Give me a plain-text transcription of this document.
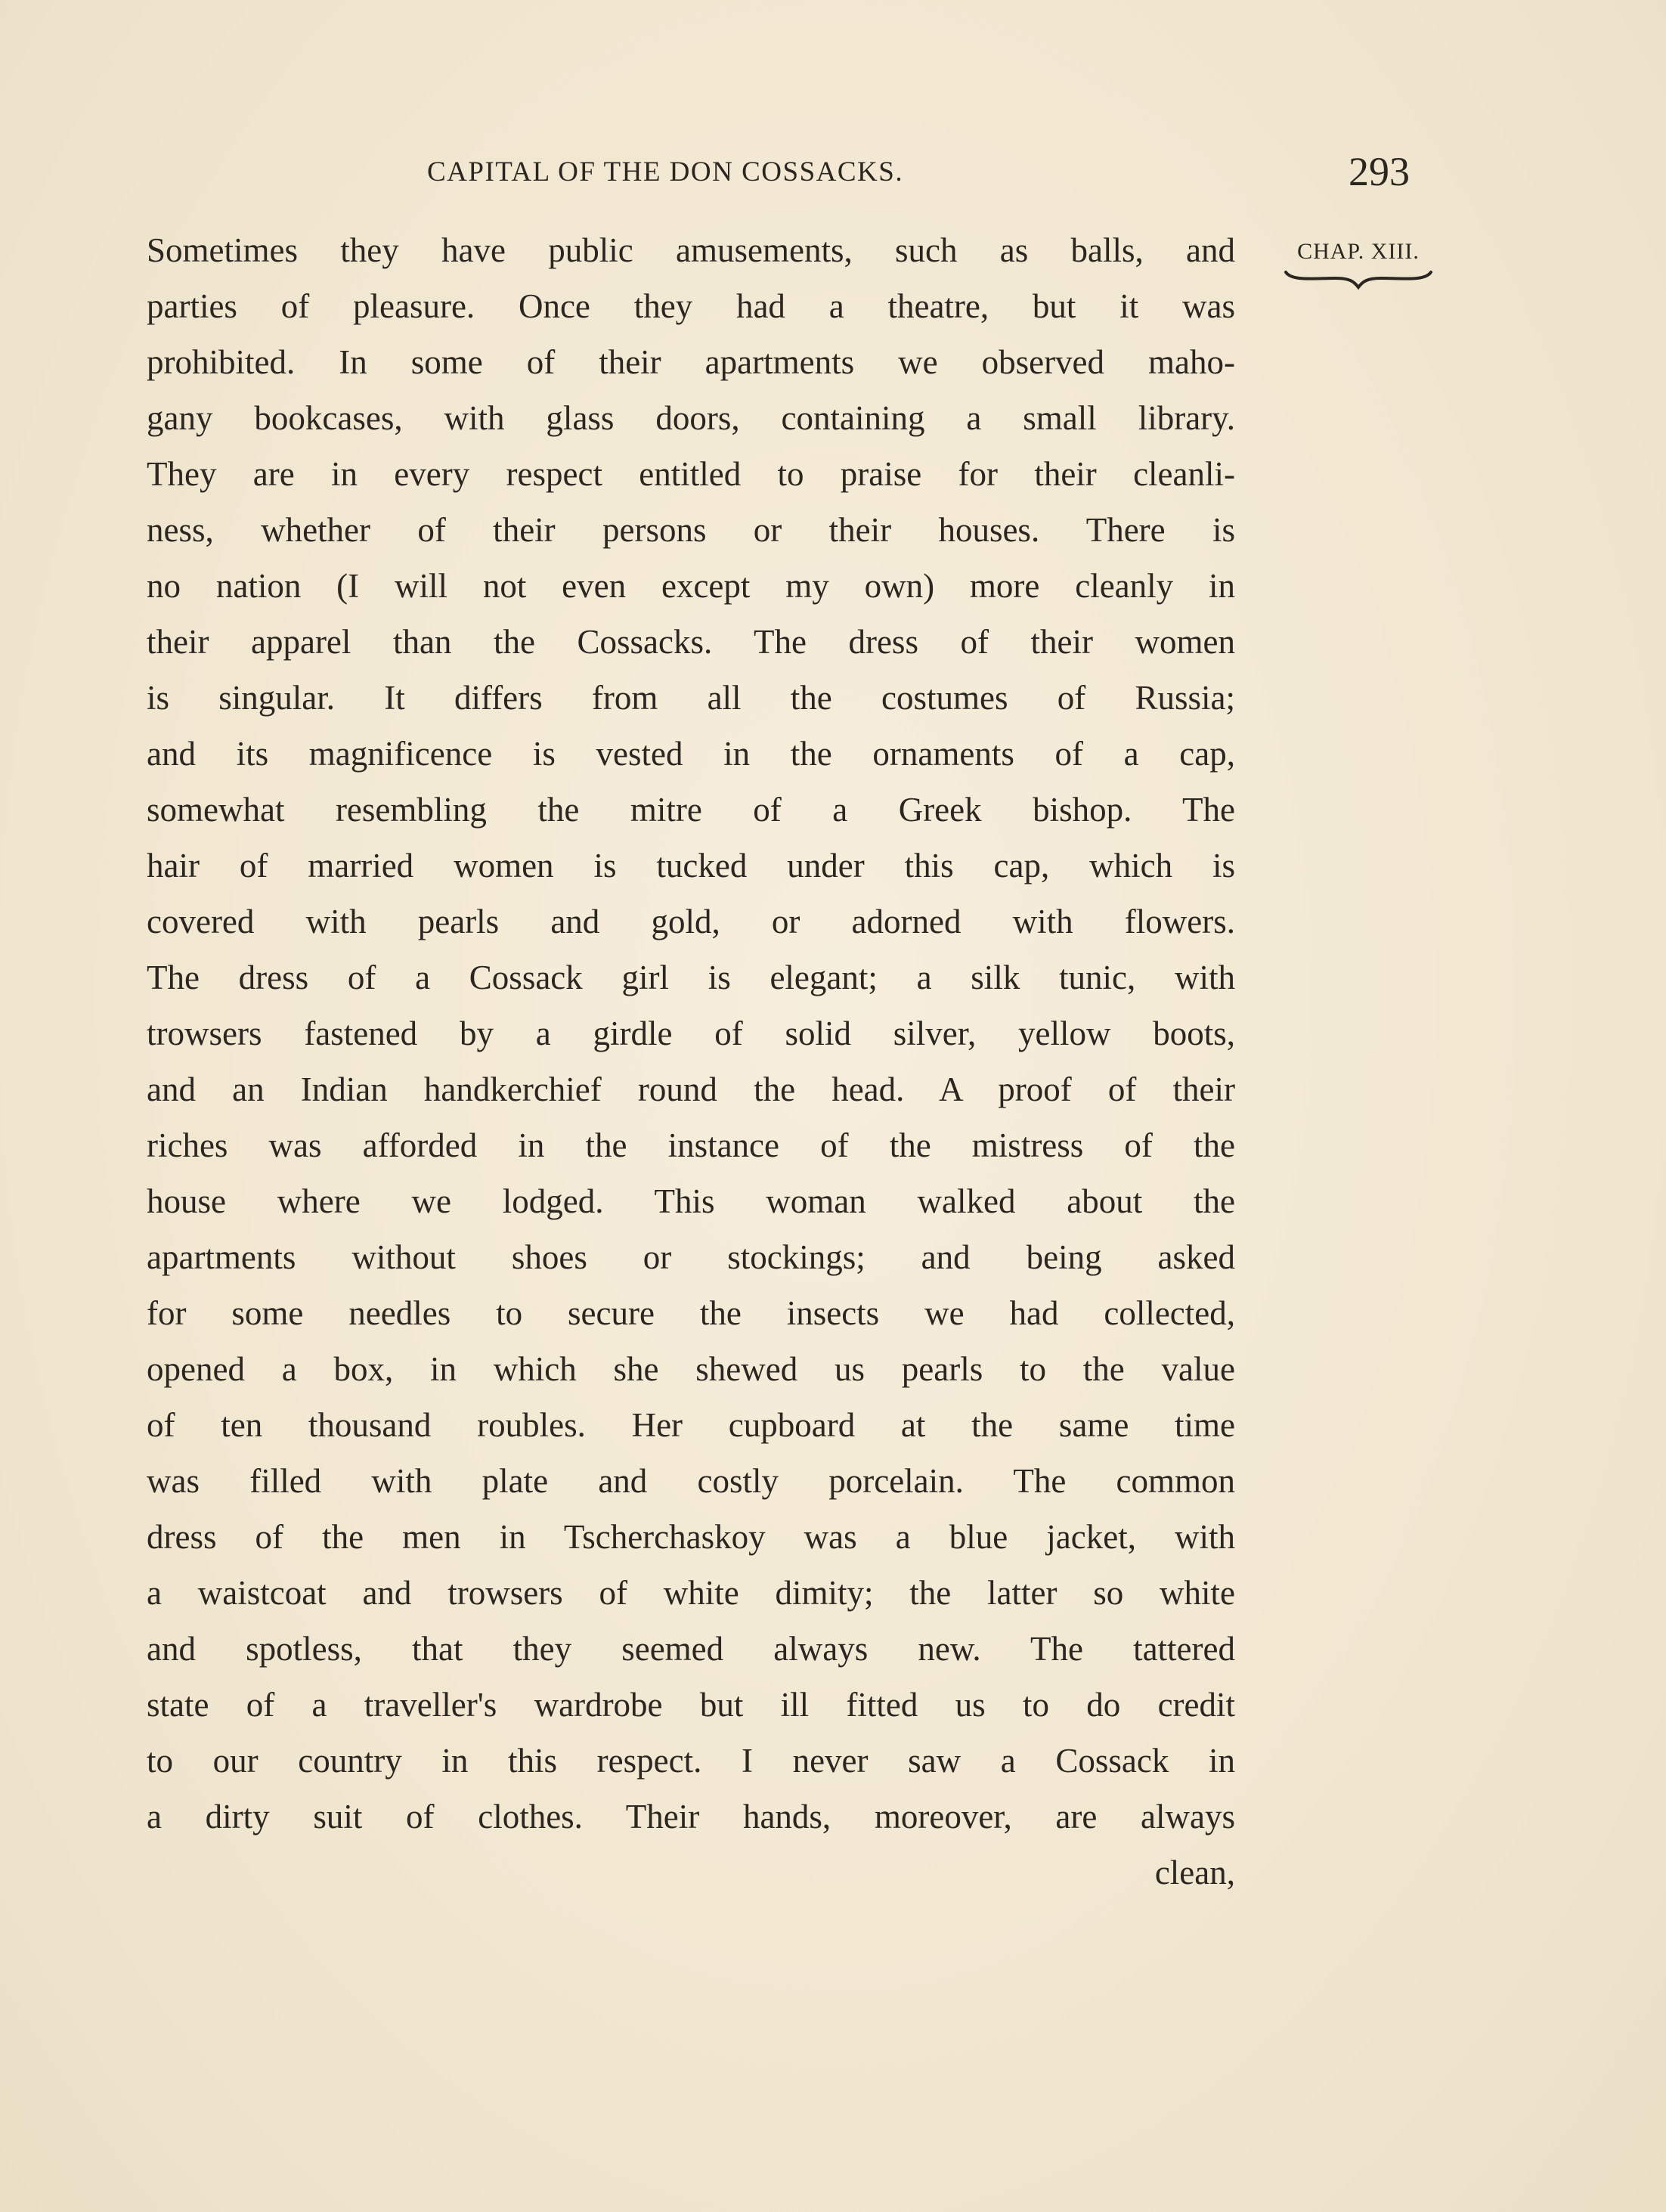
CAPITAL OF THE DON COSSACKS.	293
CHAP. XIII.
Sometimes they have public amusements, such as balls, and
parties of pleasure. Once they had a theatre, but it was
prohibited. In some of their apartments we observed maho-
gany bookcases, with glass doors, containing a small library.
They are in every respect entitled to praise for their cleanli-
ness, whether of their persons or their houses. There is
no nation (I will not even except my own) more cleanly in
their apparel than the Cossacks. The dress of their women
is singular. It differs from all the costumes of Russia;
and its magnificence is vested in the ornaments of a cap,
somewhat resembling the mitre of a Greek bishop. The
hair of married women is tucked under this cap, which is
covered with pearls and gold, or adorned with flowers.
The dress of a Cossack girl is elegant; a silk tunic, with
trowsers fastened by a girdle of solid silver, yellow boots,
and an Indian handkerchief round the head. A proof of their
riches was afforded in the instance of the mistress of the
house where we lodged. This woman walked about the
apartments without shoes or stockings; and being asked
for some needles to secure the insects we had collected,
opened a box, in which she shewed us pearls to the value
of ten thousand roubles. Her cupboard at the same time
was filled with plate and costly porcelain. The common
dress of the men in Tscherchaskoy was a blue jacket, with
a waistcoat and trowsers of white dimity; the latter so white
and spotless, that they seemed always new. The tattered
state of a traveller's wardrobe but ill fitted us to do credit
to our country in this respect. I never saw a Cossack in
a dirty suit of clothes. Their hands, moreover, are always
clean,
